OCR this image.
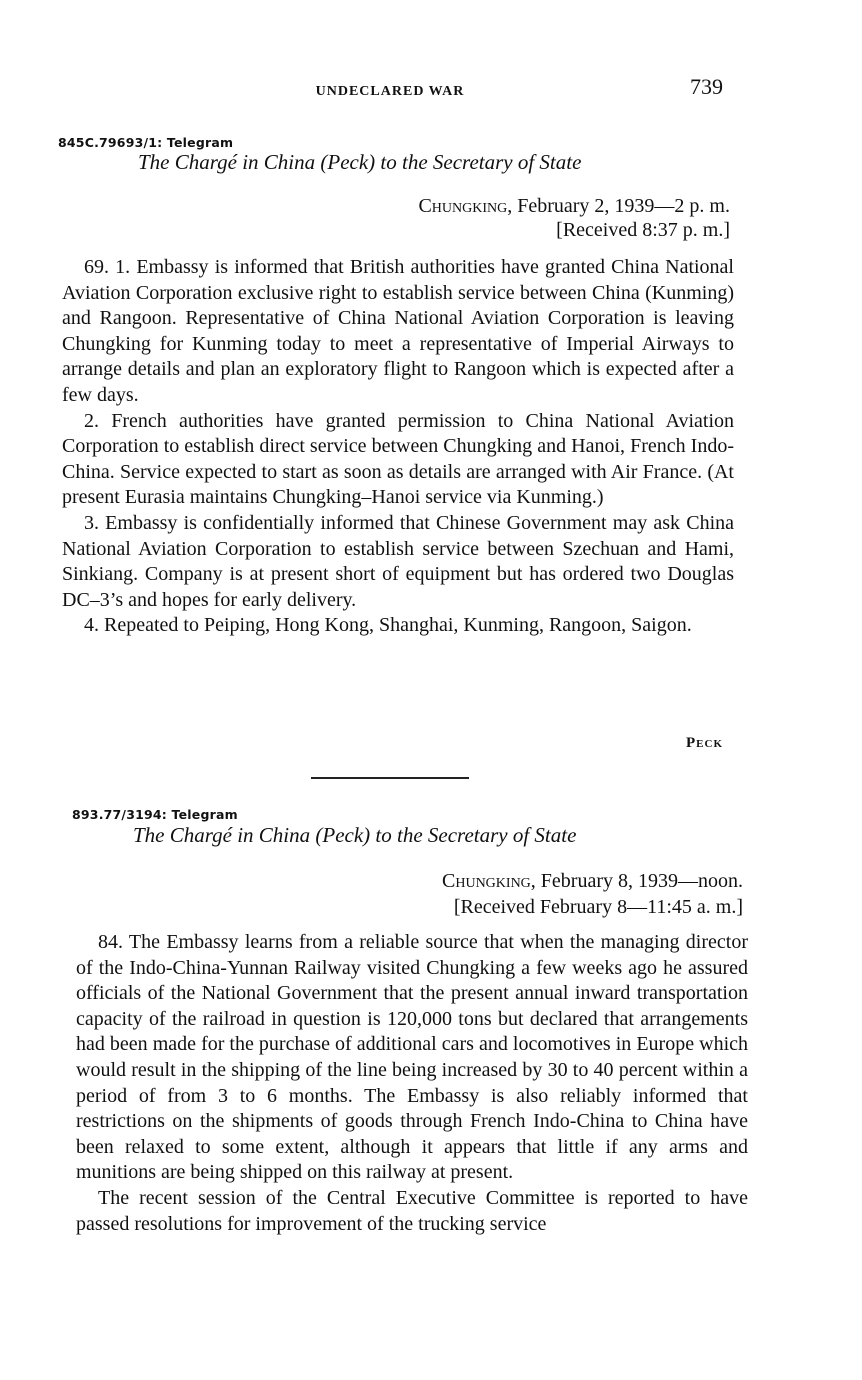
UNDECLARED WAR	739
845C.79693/1: Telegram
The Chargé in China (Peck) to the Secretary of State
Chungking, February 2, 1939—2 p. m.
[Received 8:37 p. m.]

69. 1. Embassy is informed that British authorities have granted China National Aviation Corporation exclusive right to establish service between China (Kunming) and Rangoon. Representative of China National Aviation Corporation is leaving Chungking for Kunming today to meet a representative of Imperial Airways to arrange details and plan an exploratory flight to Rangoon which is expected after a few days.

2. French authorities have granted permission to China National Aviation Corporation to establish direct service between Chungking and Hanoi, French Indo-China. Service expected to start as soon as details are arranged with Air France. (At present Eurasia maintains Chungking–Hanoi service via Kunming.)

3. Embassy is confidentially informed that Chinese Government may ask China National Aviation Corporation to establish service between Szechuan and Hami, Sinkiang. Company is at present short of equipment but has ordered two Douglas DC–3’s and hopes for early delivery.

4. Repeated to Peiping, Hong Kong, Shanghai, Kunming, Rangoon, Saigon.

Peck
893.77/3194: Telegram
The Chargé in China (Peck) to the Secretary of State
Chungking, February 8, 1939—noon.
[Received February 8—11:45 a. m.]

84. The Embassy learns from a reliable source that when the managing director of the Indo-China-Yunnan Railway visited Chungking a few weeks ago he assured officials of the National Government that the present annual inward transportation capacity of the railroad in question is 120,000 tons but declared that arrangements had been made for the purchase of additional cars and locomotives in Europe which would result in the shipping of the line being increased by 30 to 40 percent within a period of from 3 to 6 months. The Embassy is also reliably informed that restrictions on the shipments of goods through French Indo-China to China have been relaxed to some extent, although it appears that little if any arms and munitions are being shipped on this railway at present.

The recent session of the Central Executive Committee is reported to have passed resolutions for improvement of the trucking service
